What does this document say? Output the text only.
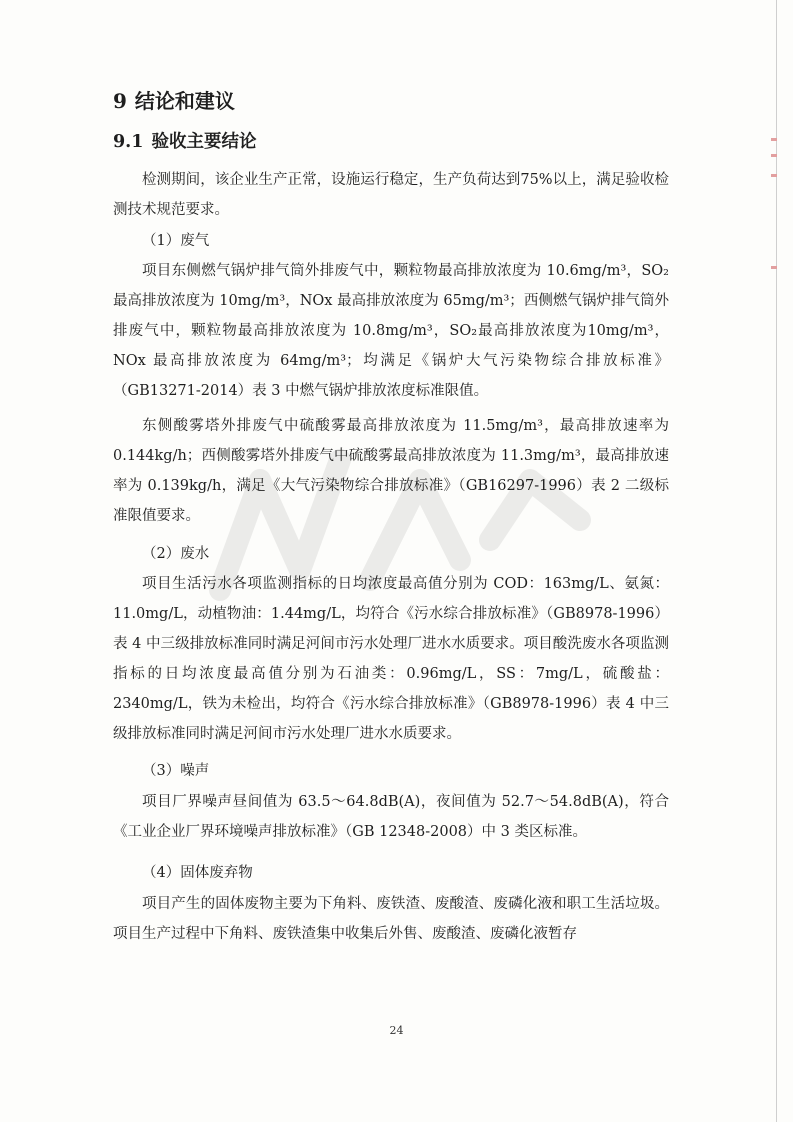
9 结论和建议
9.1 验收主要结论
检测期间，该企业生产正常，设施运行稳定，生产负荷达到75%以上，满足验收检测技术规范要求。
（1）废气
项目东侧燃气锅炉排气筒外排废气中，颗粒物最高排放浓度为 10.6mg/m³，SO₂最高排放浓度为 10mg/m³，NOx 最高排放浓度为 65mg/m³；西侧燃气锅炉排气筒外排废气中，颗粒物最高排放浓度为 10.8mg/m³，SO₂最高排放浓度为10mg/m³，NOx 最高排放浓度为 64mg/m³；均满足《锅炉大气污染物综合排放标准》（GB13271-2014）表 3 中燃气锅炉排放浓度标准限值。
东侧酸雾塔外排废气中硫酸雾最高排放浓度为 11.5mg/m³，最高排放速率为0.144kg/h；西侧酸雾塔外排废气中硫酸雾最高排放浓度为 11.3mg/m³，最高排放速率为 0.139kg/h，满足《大气污染物综合排放标准》（GB16297-1996）表 2 二级标准限值要求。
（2）废水
项目生活污水各项监测指标的日均浓度最高值分别为 COD：163mg/L、氨氮：11.0mg/L，动植物油：1.44mg/L，均符合《污水综合排放标准》（GB8978-1996）表 4 中三级排放标准同时满足河间市污水处理厂进水水质要求。项目酸洗废水各项监测指标的日均浓度最高值分别为石油类：0.96mg/L，SS：7mg/L，硫酸盐：2340mg/L，铁为未检出，均符合《污水综合排放标准》（GB8978-1996）表 4 中三级排放标准同时满足河间市污水处理厂进水水质要求。
（3）噪声
项目厂界噪声昼间值为 63.5～64.8dB(A)，夜间值为 52.7～54.8dB(A)，符合《工业企业厂界环境噪声排放标准》（GB 12348-2008）中 3 类区标准。
（4）固体废弃物
项目产生的固体废物主要为下角料、废铁渣、废酸渣、废磷化液和职工生活垃圾。项目生产过程中下角料、废铁渣集中收集后外售、废酸渣、废磷化液暂存
24
